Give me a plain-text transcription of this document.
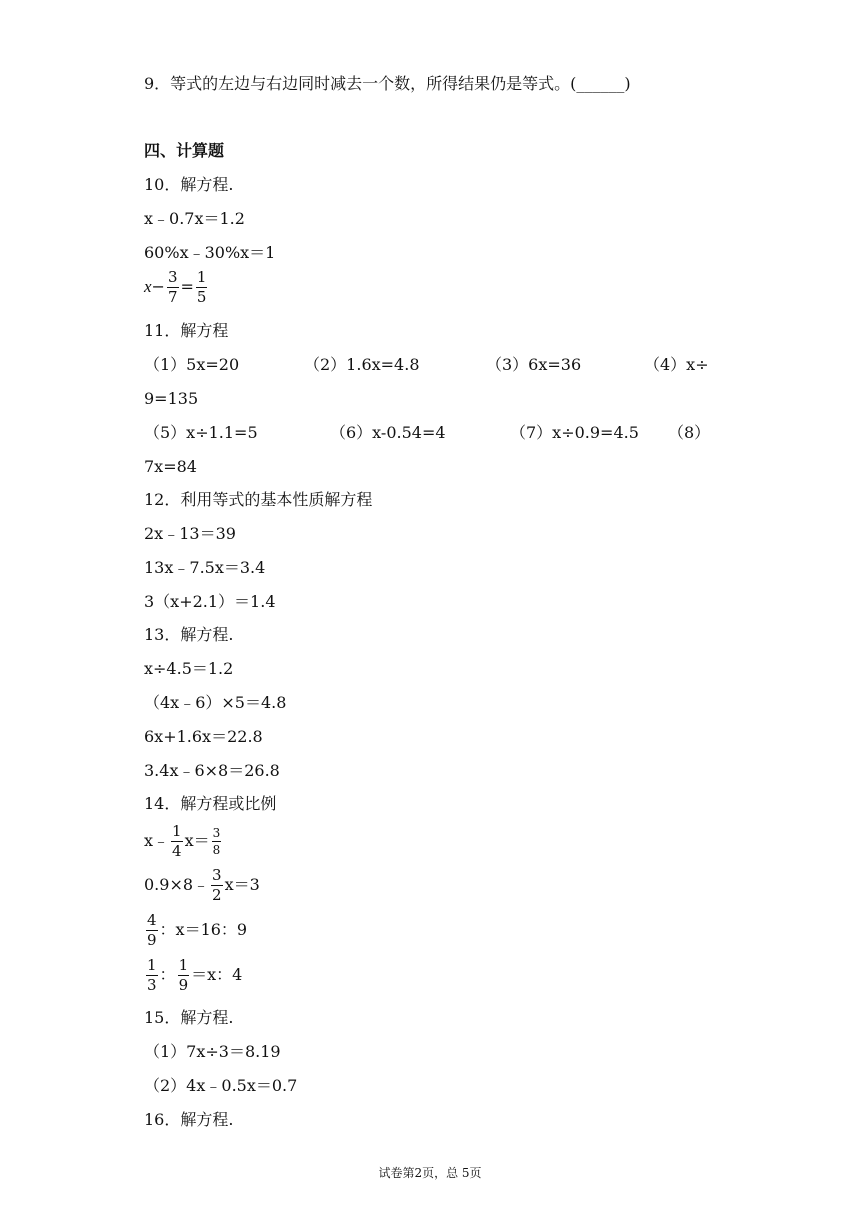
9．等式的左边与右边同时减去一个数，所得结果仍是等式。(______)
四、计算题
10．解方程.
x﹣0.7x＝1.2
60%x﹣30%x＝1
$x- \frac{3}{7} = \frac{1}{5}$
11．解方程
（1）5x=20	（2）1.6x=4.8	（3）6x=36	（4）x÷
9=135
（5）x÷1.1=5	（6）x-0.54=4	（7）x÷0.9=4.5 （8）
7x=84
12．利用等式的基本性质解方程
2x﹣13＝39
13x﹣7.5x＝3.4
3（x+2.1）＝1.4
13．解方程.
x÷4.5＝1.2
（4x﹣6）×5＝4.8
6x+1.6x＝22.8
3.4x﹣6×8＝26.8
14．解方程或比例
x﹣ $\frac{1}{4} x= \frac{3}{8}$
0.9×8﹣ $\frac{3}{2} x=3$
$\frac{4}{9}$ ：x＝16：9
$\frac{1}{3}$ ： $\frac{1}{9} =x$：4
15．解方程.
（1）7x÷3＝8.19
（2）4x﹣0.5x＝0.7
16．解方程.
试卷第2页，总 5页
